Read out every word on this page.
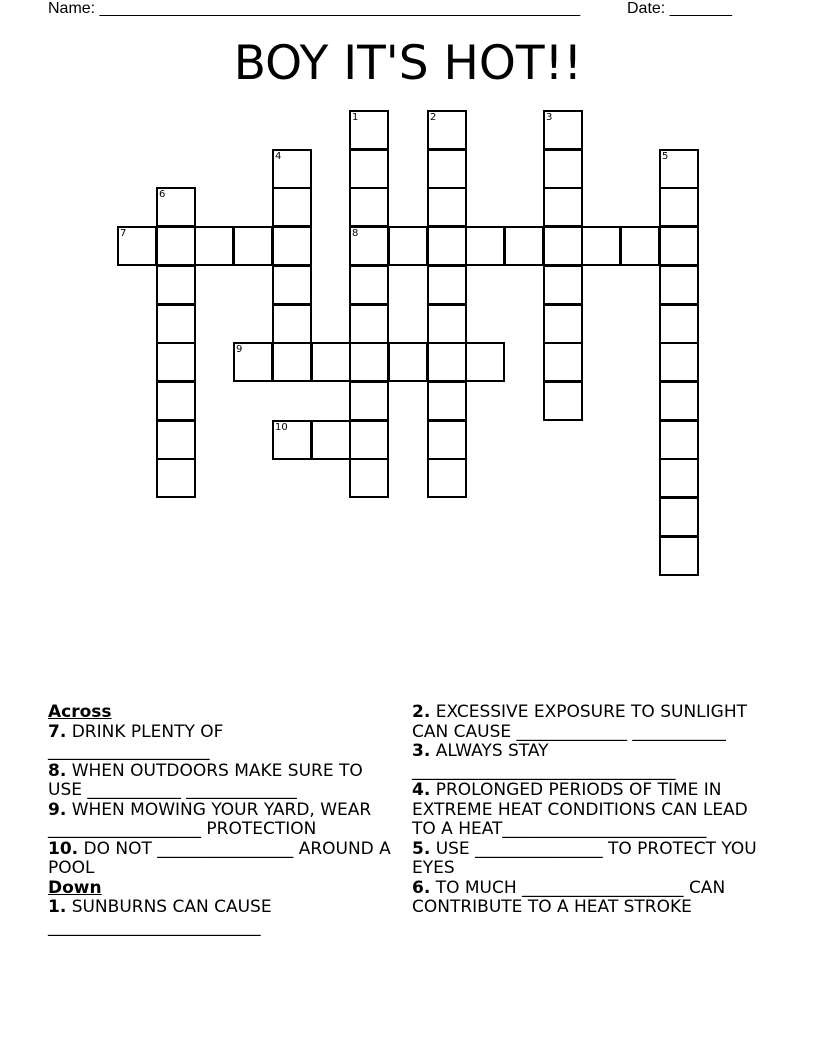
Name: ______________________________________________________	Date: _______
BOY IT'S HOT!!
1
8
2	3
4	5
6
7
9
10
Across
7. DRINK PLENTY OF
___________________
8. WHEN OUTDOORS MAKE SURE TO USE ___________ _____________
9. WHEN MOWING YOUR YARD, WEAR __________________ PROTECTION
10. DO NOT ________________ AROUND A POOL
Down
1. SUNBURNS CAN CAUSE
_________________________
2. EXCESSIVE EXPOSURE TO SUNLIGHT CAN CAUSE _____________ ___________
3. ALWAYS STAY
_______________________________
4. PROLONGED PERIODS OF TIME IN EXTREME HEAT CONDITIONS CAN LEAD TO A HEAT________________________
5. USE _______________ TO PROTECT YOU EYES
6. TO MUCH ___________________ CAN CONTRIBUTE TO A HEAT STROKE
